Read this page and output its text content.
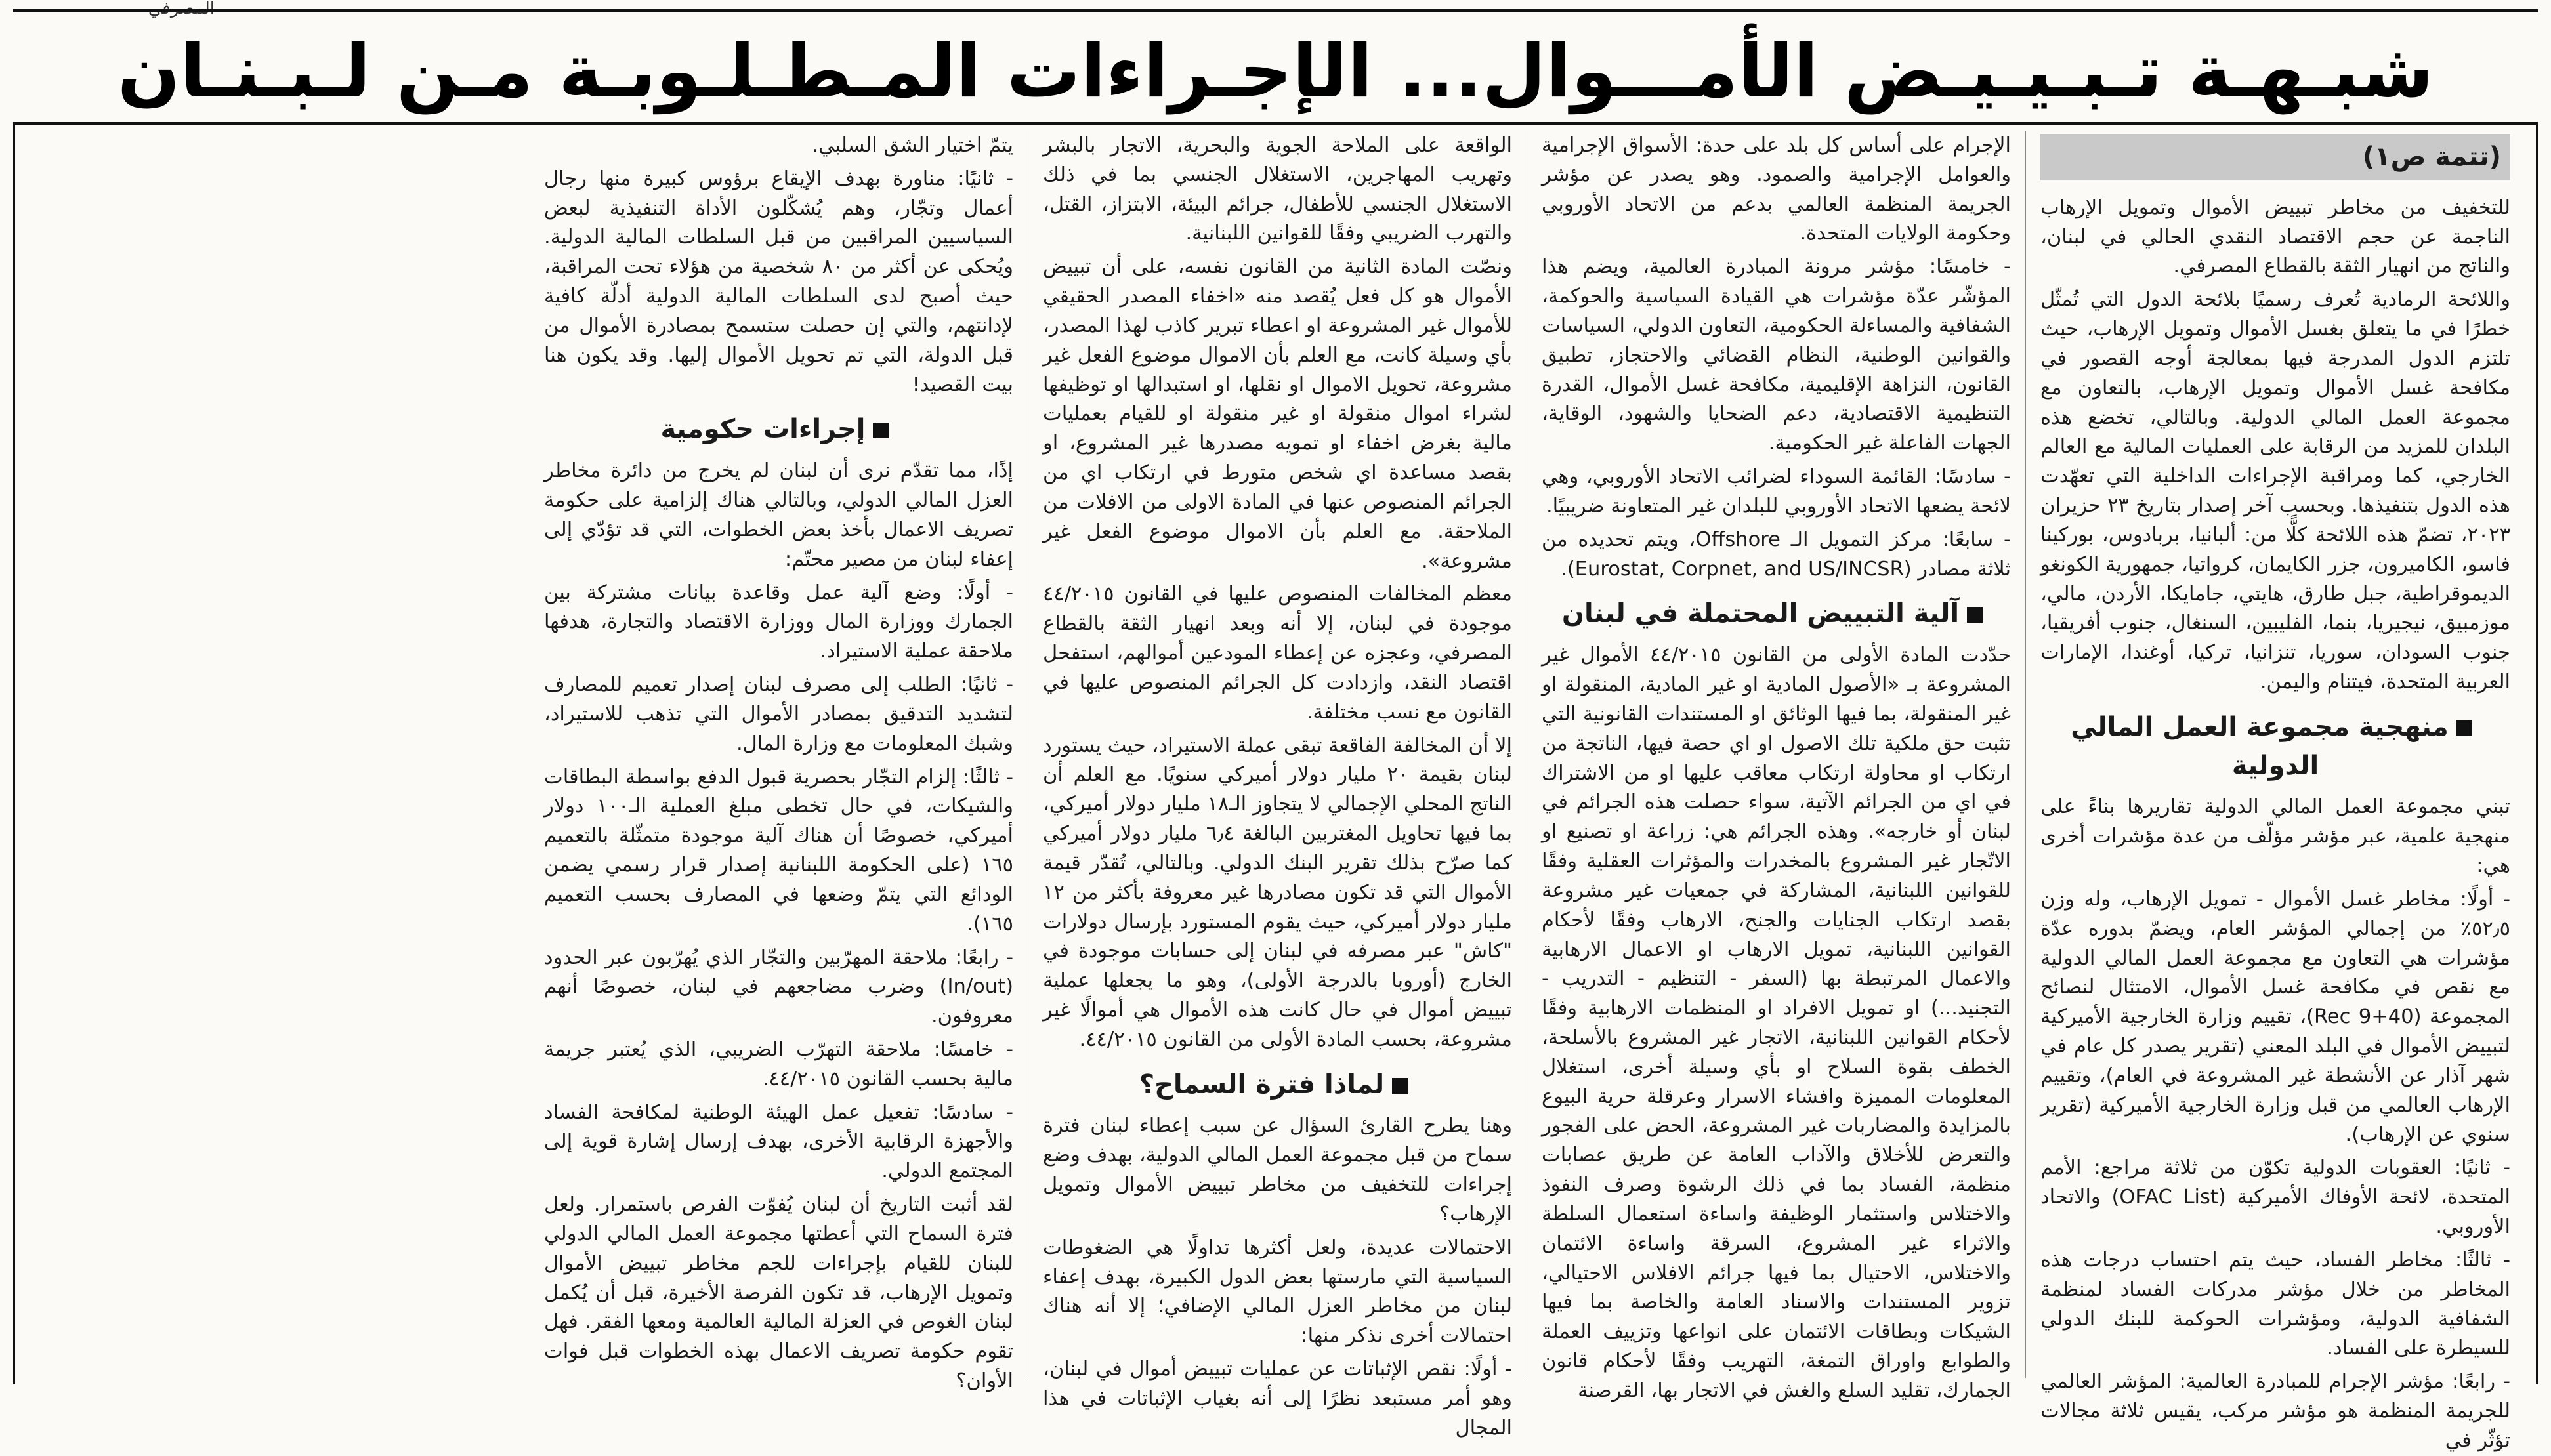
شبـهـة تـبـيـيـض الأمـــوال... الإجـراءات المـطـلـوبـة مـن لـبـنـان
(تتمة ص١)

للتخفيف من مخاطر تبييض الأموال وتمويل الإرهاب الناجمة عن حجم الاقتصاد النقدي الحالي في لبنان، والناتج من انهيار الثقة بالقطاع المصرفي.

واللائحة الرمادية تُعرف رسميًا بلائحة الدول التي تُمثّل خطرًا في ما يتعلق بغسل الأموال وتمويل الإرهاب، حيث تلتزم الدول المدرجة فيها بمعالجة أوجه القصور في مكافحة غسل الأموال وتمويل الإرهاب، بالتعاون مع مجموعة العمل المالي الدولية. وبالتالي، تخضع هذه البلدان للمزيد من الرقابة على العمليات المالية مع العالم الخارجي، كما ومراقبة الإجراءات الداخلية التي تعهّدت هذه الدول بتنفيذها. وبحسب آخر إصدار بتاريخ ٢٣ حزيران ٢٠٢٣، تضمّ هذه اللائحة كلًّا من: ألبانيا، بربادوس، بوركينا فاسو، الكاميرون، جزر الكايمان، كرواتيا، جمهورية الكونغو الديموقراطية، جبل طارق، هايتي، جامايكا، الأردن، مالي، موزمبيق، نيجيريا، بنما، الفليبين، السنغال، جنوب أفريقيا، جنوب السودان، سوريا، تنزانيا، تركيا، أوغندا، الإمارات العربية المتحدة، فيتنام واليمن.

منهجية مجموعة العمل المالي الدولية

تبني مجموعة العمل المالي الدولية تقاريرها بناءً على منهجية علمية، عبر مؤشر مؤلّف من عدة مؤشرات أخرى هي:

- أولًا: مخاطر غسل الأموال - تمويل الإرهاب، وله وزن ٥٢٫٥٪ من إجمالي المؤشر العام، ويضمّ بدوره عدّة مؤشرات هي التعاون مع مجموعة العمل المالي الدولية مع نقص في مكافحة غسل الأموال، الامتثال لنصائح المجموعة (Rec 9+40)، تقييم وزارة الخارجية الأميركية لتبييض الأموال في البلد المعني (تقرير يصدر كل عام في شهر آذار عن الأنشطة غير المشروعة في العام)، وتقييم الإرهاب العالمي من قبل وزارة الخارجية الأميركية (تقرير سنوي عن الإرهاب).

- ثانيًا: العقوبات الدولية تكوّن من ثلاثة مراجع: الأمم المتحدة، لائحة الأوفاك الأميركية (OFAC List) والاتحاد الأوروبي.

- ثالثًا: مخاطر الفساد، حيث يتم احتساب درجات هذه المخاطر من خلال مؤشر مدركات الفساد لمنظمة الشفافية الدولية، ومؤشرات الحوكمة للبنك الدولي للسيطرة على الفساد.

- رابعًا: مؤشر الإجرام للمبادرة العالمية: المؤشر العالمي للجريمة المنظمة هو مؤشر مركب، يقيس ثلاثة مجالات تؤثّر في

الإجرام على أساس كل بلد على حدة: الأسواق الإجرامية والعوامل الإجرامية والصمود. وهو يصدر عن مؤشر الجريمة المنظمة العالمي بدعم من الاتحاد الأوروبي وحكومة الولايات المتحدة.

- خامسًا: مؤشر مرونة المبادرة العالمية، ويضم هذا المؤشّر عدّة مؤشرات هي القيادة السياسية والحوكمة، الشفافية والمساءلة الحكومية، التعاون الدولي، السياسات والقوانين الوطنية، النظام القضائي والاحتجاز، تطبيق القانون، النزاهة الإقليمية، مكافحة غسل الأموال، القدرة التنظيمية الاقتصادية، دعم الضحايا والشهود، الوقاية، الجهات الفاعلة غير الحكومية.

- سادسًا: القائمة السوداء لضرائب الاتحاد الأوروبي، وهي لائحة يضعها الاتحاد الأوروبي للبلدان غير المتعاونة ضريبيًا.

- سابعًا: مركز التمويل الـ Offshore، ويتم تحديده من ثلاثة مصادر (Eurostat, Corpnet, and US/INCSR).

آلية التبييض المحتملة في لبنان

حدّدت المادة الأولى من القانون ٤٤/٢٠١٥ الأموال غير المشروعة بـ «الأصول المادية او غير المادية، المنقولة او غير المنقولة، بما فيها الوثائق او المستندات القانونية التي تثبت حق ملكية تلك الاصول او اي حصة فيها، الناتجة من ارتكاب او محاولة ارتكاب معاقب عليها او من الاشتراك في اي من الجرائم الآتية، سواء حصلت هذه الجرائم في لبنان أو خارجه». وهذه الجرائم هي: زراعة او تصنيع او الاتّجار غير المشروع بالمخدرات والمؤثرات العقلية وفقًا للقوانين اللبنانية، المشاركة في جمعيات غير مشروعة بقصد ارتكاب الجنايات والجنح، الارهاب وفقًا لأحكام القوانين اللبنانية، تمويل الارهاب او الاعمال الارهابية والاعمال المرتبطة بها (السفر - التنظيم - التدريب - التجنيد...) او تمويل الافراد او المنظمات الارهابية وفقًا لأحكام القوانين اللبنانية، الاتجار غير المشروع بالأسلحة، الخطف بقوة السلاح او بأي وسيلة أخرى، استغلال المعلومات المميزة وافشاء الاسرار وعرقلة حرية البيوع بالمزايدة والمضاربات غير المشروعة، الحض على الفجور والتعرض للأخلاق والآداب العامة عن طريق عصابات منظمة، الفساد بما في ذلك الرشوة وصرف النفوذ والاختلاس واستثمار الوظيفة واساءة استعمال السلطة والاثراء غير المشروع، السرقة واساءة الائتمان والاختلاس، الاحتيال بما فيها جرائم الافلاس الاحتيالي، تزوير المستندات والاسناد العامة والخاصة بما فيها الشيكات وبطاقات الائتمان على انواعها وتزييف العملة والطوابع واوراق التمغة، التهريب وفقًا لأحكام قانون الجمارك، تقليد السلع والغش في الاتجار بها، القرصنة

الواقعة على الملاحة الجوية والبحرية، الاتجار بالبشر وتهريب المهاجرين، الاستغلال الجنسي بما في ذلك الاستغلال الجنسي للأطفال، جرائم البيئة، الابتزاز، القتل، والتهرب الضريبي وفقًا للقوانين اللبنانية.

ونصّت المادة الثانية من القانون نفسه، على أن تبييض الأموال هو كل فعل يُقصد منه «اخفاء المصدر الحقيقي للأموال غير المشروعة او اعطاء تبرير كاذب لهذا المصدر، بأي وسيلة كانت، مع العلم بأن الاموال موضوع الفعل غير مشروعة، تحويل الاموال او نقلها، او استبدالها او توظيفها لشراء اموال منقولة او غير منقولة او للقيام بعمليات مالية بغرض اخفاء او تمويه مصدرها غير المشروع، او بقصد مساعدة اي شخص متورط في ارتكاب اي من الجرائم المنصوص عنها في المادة الاولى من الافلات من الملاحقة. مع العلم بأن الاموال موضوع الفعل غير مشروعة».

معظم المخالفات المنصوص عليها في القانون ٤٤/٢٠١٥ موجودة في لبنان، إلا أنه وبعد انهيار الثقة بالقطاع المصرفي، وعجزه عن إعطاء المودعين أموالهم، استفحل اقتصاد النقد، وازدادت كل الجرائم المنصوص عليها في القانون مع نسب مختلفة.

إلا أن المخالفة الفاقعة تبقى عملة الاستيراد، حيث يستورد لبنان بقيمة ٢٠ مليار دولار أميركي سنويًا. مع العلم أن الناتج المحلي الإجمالي لا يتجاوز الـ١٨ مليار دولار أميركي، بما فيها تحاويل المغتربين البالغة ٦٫٤ مليار دولار أميركي كما صرّح بذلك تقرير البنك الدولي. وبالتالي، تُقدّر قيمة الأموال التي قد تكون مصادرها غير معروفة بأكثر من ١٢ مليار دولار أميركي، حيث يقوم المستورد بإرسال دولارات "كاش" عبر مصرفه في لبنان إلى حسابات موجودة في الخارج (أوروبا بالدرجة الأولى)، وهو ما يجعلها عملية تبييض أموال في حال كانت هذه الأموال هي أموالًا غير مشروعة، بحسب المادة الأولى من القانون ٤٤/٢٠١٥.

لماذا فترة السماح؟

وهنا يطرح القارئ السؤال عن سبب إعطاء لبنان فترة سماح من قبل مجموعة العمل المالي الدولية، بهدف وضع إجراءات للتخفيف من مخاطر تبييض الأموال وتمويل الإرهاب؟

الاحتمالات عديدة، ولعل أكثرها تداولًا هي الضغوطات السياسية التي مارستها بعض الدول الكبيرة، بهدف إعفاء لبنان من مخاطر العزل المالي الإضافي؛ إلا أنه هناك احتمالات أخرى نذكر منها:

- أولًا: نقص الإثباتات عن عمليات تبييض أموال في لبنان، وهو أمر مستبعد نظرًا إلى أنه بغياب الإثباتات في هذا المجال

يتمّ اختيار الشق السلبي.

- ثانيًا: مناورة بهدف الإيقاع برؤوس كبيرة منها رجال أعمال وتجّار، وهم يُشكّلون الأداة التنفيذية لبعض السياسيين المراقبين من قبل السلطات المالية الدولية. ويُحكى عن أكثر من ٨٠ شخصية من هؤلاء تحت المراقبة، حيث أصبح لدى السلطات المالية الدولية أدلّة كافية لإدانتهم، والتي إن حصلت ستسمح بمصادرة الأموال من قبل الدولة، التي تم تحويل الأموال إليها. وقد يكون هنا بيت القصيد!

إجراءات حكومية

إذًا، مما تقدّم نرى أن لبنان لم يخرج من دائرة مخاطر العزل المالي الدولي، وبالتالي هناك إلزامية على حكومة تصريف الاعمال بأخذ بعض الخطوات، التي قد تؤدّي إلى إعفاء لبنان من مصير محتّم:

- أولًا: وضع آلية عمل وقاعدة بيانات مشتركة بين الجمارك ووزارة المال ووزارة الاقتصاد والتجارة، هدفها ملاحقة عملية الاستيراد.

- ثانيًا: الطلب إلى مصرف لبنان إصدار تعميم للمصارف لتشديد التدقيق بمصادر الأموال التي تذهب للاستيراد، وشبك المعلومات مع وزارة المال.

- ثالثًا: إلزام التجّار بحصرية قبول الدفع بواسطة البطاقات والشيكات، في حال تخطى مبلغ العملية الـ١٠٠ دولار أميركي، خصوصًا أن هناك آلية موجودة متمثّلة بالتعميم ١٦٥ (على الحكومة اللبنانية إصدار قرار رسمي يضمن الودائع التي يتمّ وضعها في المصارف بحسب التعميم ١٦٥).

- رابعًا: ملاحقة المهرّبين والتجّار الذي يُهرّبون عبر الحدود (In/out) وضرب مضاجعهم في لبنان، خصوصًا أنهم معروفون.

- خامسًا: ملاحقة التهرّب الضريبي، الذي يُعتبر جريمة مالية بحسب القانون ٤٤/٢٠١٥.

- سادسًا: تفعيل عمل الهيئة الوطنية لمكافحة الفساد والأجهزة الرقابية الأخرى، بهدف إرسال إشارة قوية إلى المجتمع الدولي.

لقد أثبت التاريخ أن لبنان يُفوّت الفرص باستمرار. ولعل فترة السماح التي أعطتها مجموعة العمل المالي الدولي للبنان للقيام بإجراءات للجم مخاطر تبييض الأموال وتمويل الإرهاب، قد تكون الفرصة الأخيرة، قبل أن يُكمل لبنان الغوص في العزلة المالية العالمية ومعها الفقر. فهل تقوم حكومة تصريف الاعمال بهذه الخطوات قبل فوات الأوان؟
